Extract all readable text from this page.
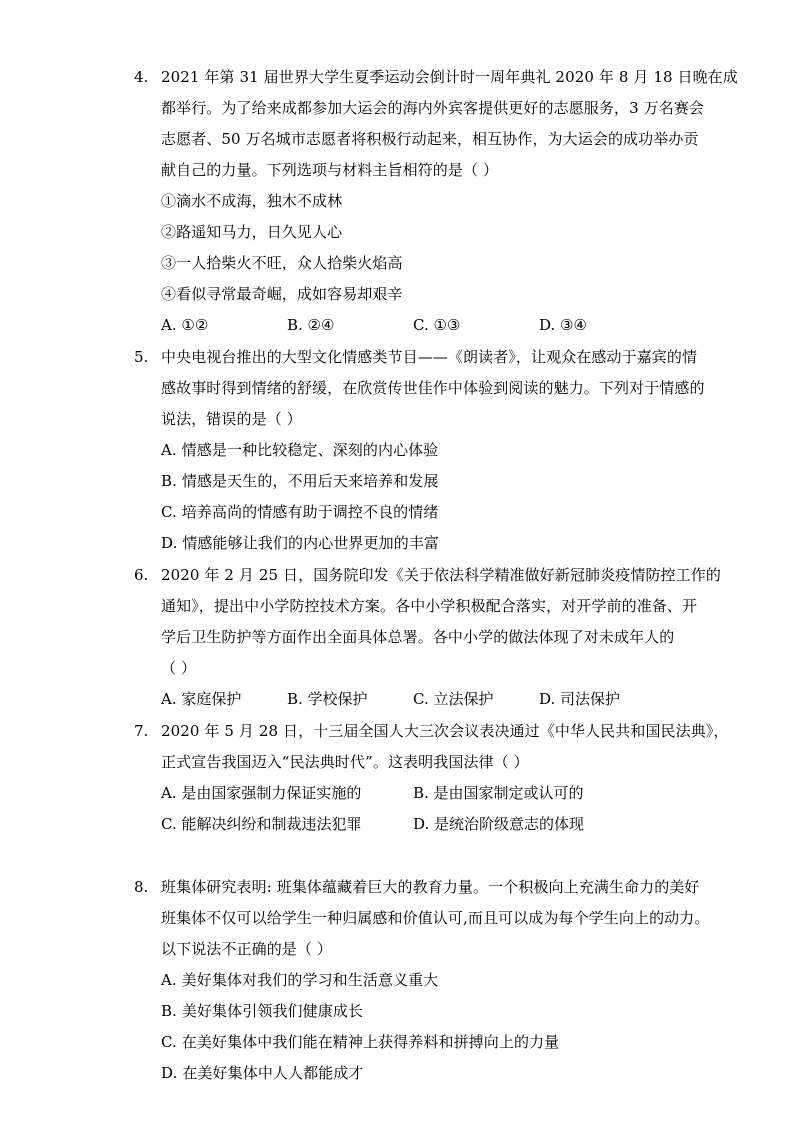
4. 2021 年第 31 届世界大学生夏季运动会倒计时一周年典礼 2020 年 8 月 18 日晚在成
都举行。为了给来成都参加大运会的海内外宾客提供更好的志愿服务，3 万名赛会
志愿者、50 万名城市志愿者将积极行动起来，相互协作，为大运会的成功举办贡
献自己的力量。下列选项与材料主旨相符的是（ ）
①滴水不成海，独木不成林
②路遥知马力，日久见人心
③一人拾柴火不旺，众人拾柴火焰高
④看似寻常最奇崛，成如容易却艰辛
A. ①②	B. ②④	C. ①③	D. ③④
5. 中央电视台推出的大型文化情感类节目——《朗读者》，让观众在感动于嘉宾的情
感故事时得到情绪的舒缓，在欣赏传世佳作中体验到阅读的魅力。下列对于情感的
说法，错误的是（ ）
A. 情感是一种比较稳定、深刻的内心体验
B. 情感是天生的，不用后天来培养和发展
C. 培养高尚的情感有助于调控不良的情绪
D. 情感能够让我们的内心世界更加的丰富
6. 2020 年 2 月 25 日，国务院印发《关于依法科学精准做好新冠肺炎疫情防控工作的
通知》，提出中小学防控技术方案。各中小学积极配合落实，对开学前的准备、开
学后卫生防护等方面作出全面具体总署。各中小学的做法体现了对未成年人的
（ ）
A. 家庭保护	B. 学校保护	C. 立法保护	D. 司法保护
7. 2020 年 5 月 28 日，十三届全国人大三次会议表决通过《中华人民共和国民法典》，
正式宣告我国迈入“民法典时代”。这表明我国法律（ ）
A. 是由国家强制力保证实施的	B. 是由国家制定或认可的
C. 能解决纠纷和制裁违法犯罪	D. 是统治阶级意志的体现
8. 班集体研究表明: 班集体蕴藏着巨大的教育力量。一个积极向上充满生命力的美好
班集体不仅可以给学生一种归属感和价值认可,而且可以成为每个学生向上的动力。
以下说法不正确的是（ ）
A. 美好集体对我们的学习和生活意义重大
B. 美好集体引领我们健康成长
C. 在美好集体中我们能在精神上获得养料和拼搏向上的力量
D. 在美好集体中人人都能成才
